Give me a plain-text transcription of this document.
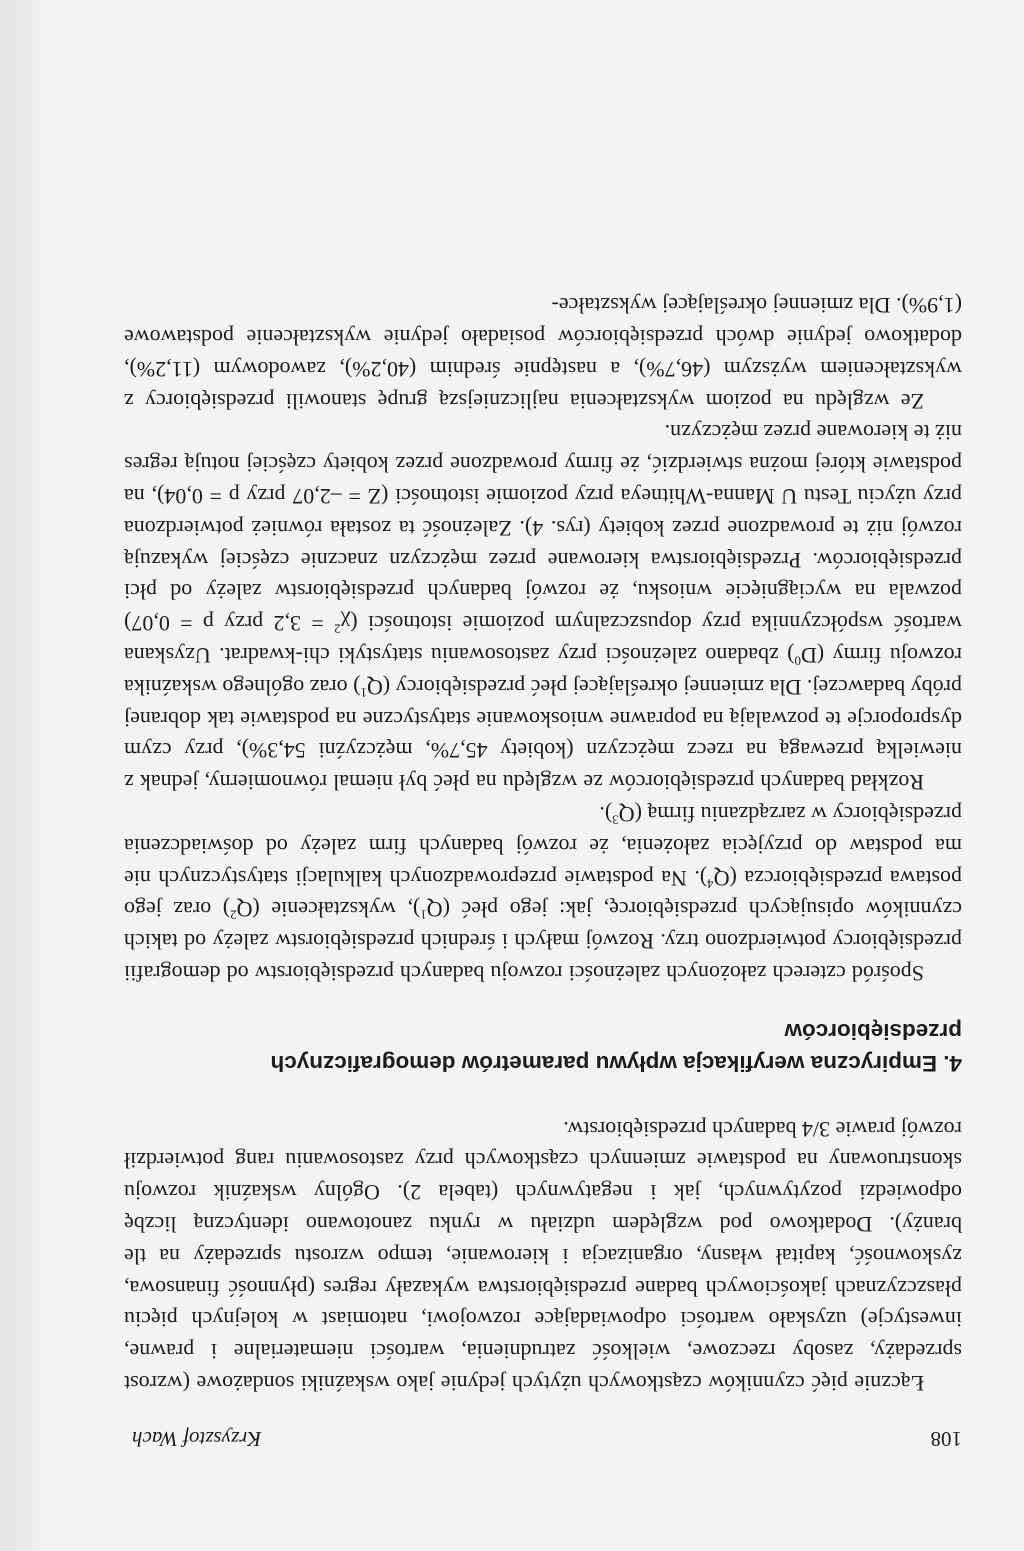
108
Krzysztof Wach

Łącznie pięć czynników cząstkowych użytych jedynie jako wskaźniki sondażowe (wzrost sprzedaży, zasoby rzeczowe, wielkość zatrudnienia, wartości niematerialne i prawne, inwestycje) uzyskało wartości odpowiadające rozwojowi, natomiast w kolejnych pięciu płaszczyznach jakościowych badane przedsiębiorstwa wykazały regres (płynność finansowa, zyskowność, kapitał własny, organizacja i kierowanie, tempo wzrostu sprzedaży na tle branży). Dodatkowo pod względem udziału w rynku zanotowano identyczną liczbę odpowiedzi pozytywnych, jak i negatywnych (tabela 2). Ogólny wskaźnik rozwoju skonstruowany na podstawie zmiennych cząstkowych przy zastosowaniu rang potwierdził rozwój prawie 3/4 badanych przedsiębiorstw.

4. Empiryczna weryfikacja wpływu parametrów demograficznych
przedsiębiorców

Spośród czterech założonych zależności rozwoju badanych przedsiębiorstw od demografii przedsiębiorcy potwierdzono trzy. Rozwój małych i średnich przedsiębiorstw zależy od takich czynników opisujących przedsiębiorcę, jak: jego płeć $(Q^1)$, wykształcenie $(Q^2)$ oraz jego postawa przedsiębiorcza $(Q^4)$. Na podstawie przeprowadzonych kalkulacji statystycznych nie ma podstaw do przyjęcia założenia, że rozwój badanych firm zależy od doświadczenia przedsiębiorcy w zarządzaniu firmą $(Q^3)$.

Rozkład badanych przedsiębiorców ze względu na płeć był niemal równomierny, jednak z niewielką przewagą na rzecz mężczyzn (kobiety 45,7%, mężczyźni 54,3%), przy czym dysproporcje te pozwalają na poprawne wnioskowanie statystyczne na podstawie tak dobranej próby badawczej. Dla zmiennej określającej płeć przedsiębiorcy $(Q^1)$ oraz ogólnego wskaźnika rozwoju firmy $(D^0)$ zbadano zależności przy zastosowaniu statystyki chi-kwadrat. Uzyskana wartość współczynnika przy dopuszczalnym poziomie istotności ($\chi^2 = 3,2$ przy p = 0,07) pozwala na wyciągnięcie wniosku, że rozwój badanych przedsiębiorstw zależy od płci przedsiębiorców. Przedsiębiorstwa kierowane przez mężczyzn znacznie częściej wykazują rozwój niż te prowadzone przez kobiety (rys. 4). Zależność ta została również potwierdzona przy użyciu Testu U Manna-Whitneya przy poziomie istotności (Z = –2,07 przy p = 0,04), na podstawie której można stwierdzić, że firmy prowadzone przez kobiety częściej notują regres niż te kierowane przez mężczyzn.

Ze względu na poziom wykształcenia najliczniejszą grupę stanowili przedsiębiorcy z wykształceniem wyższym (46,7%), a następnie średnim (40,2%), zawodowym (11,2%), dodatkowo jedynie dwóch przedsiębiorców posiadało jedynie wykształcenie podstawowe (1,9%). Dla zmiennej określającej wykształce-
